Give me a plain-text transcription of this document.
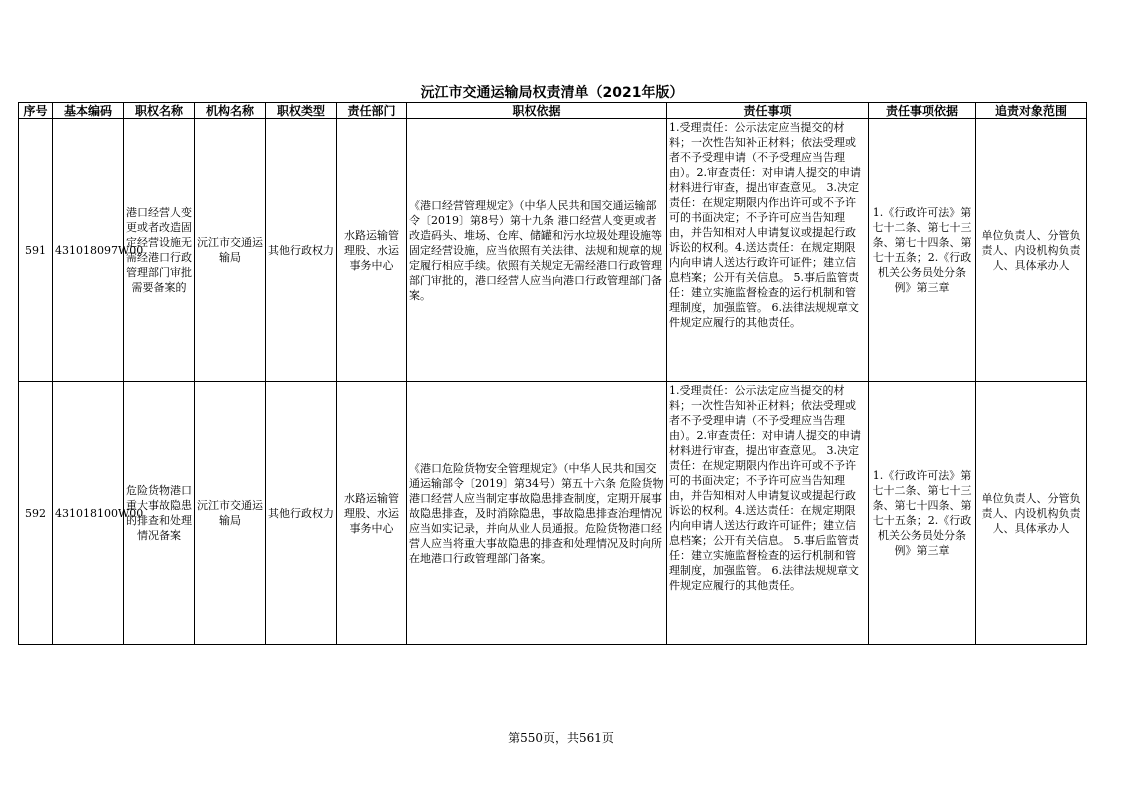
沅江市交通运输局权责清单（2021年版）
序号	基本编码	职权名称	机构名称	职权类型	责任部门	职权依据	责任事项	责任事项依据	追责对象范围
591	431018097W00	港口经营人变更或者改造固定经营设施无需经港口行政管理部门审批需要备案的	沅江市交通运输局	其他行政权力	水路运输管理股、水运事务中心	《港口经营管理规定》（中华人民共和国交通运输部令〔2019〕第8号）第十九条 港口经营人变更或者改造码头、堆场、仓库、储罐和污水垃圾处理设施等固定经营设施，应当依照有关法律、法规和规章的规定履行相应手续。依照有关规定无需经港口行政管理部门审批的，港口经营人应当向港口行政管理部门备案。	1.受理责任：公示法定应当提交的材料；一次性告知补正材料；依法受理或者不予受理申请（不予受理应当告理由）。2.审查责任：对申请人提交的申请材料进行审查，提出审查意见。 3.决定责任：在规定期限内作出许可或不予许可的书面决定；不予许可应当告知理由，并告知相对人申请复议或提起行政诉讼的权利。4.送达责任：在规定期限内向申请人送达行政许可证件；建立信息档案；公开有关信息。 5.事后监管责任：建立实施监督检查的运行机制和管理制度，加强监管。 6.法律法规规章文件规定应履行的其他责任。	1.《行政许可法》第七十二条、第七十三条、第七十四条、第七十五条；2.《行政机关公务员处分条例》第三章	单位负责人、分管负责人、内设机构负责人、具体承办人
592	431018100W00	危险货物港口重大事故隐患的排查和处理情况备案	沅江市交通运输局	其他行政权力	水路运输管理股、水运事务中心	《港口危险货物安全管理规定》（中华人民共和国交通运输部令〔2019〕第34号）第五十六条 危险货物港口经营人应当制定事故隐患排查制度，定期开展事故隐患排查，及时消除隐患，事故隐患排查治理情况应当如实记录，并向从业人员通报。危险货物港口经营人应当将重大事故隐患的排查和处理情况及时向所在地港口行政管理部门备案。	1.受理责任：公示法定应当提交的材料；一次性告知补正材料；依法受理或者不予受理申请（不予受理应当告理由）。2.审查责任：对申请人提交的申请材料进行审查，提出审查意见。 3.决定责任：在规定期限内作出许可或不予许可的书面决定；不予许可应当告知理由，并告知相对人申请复议或提起行政诉讼的权利。4.送达责任：在规定期限内向申请人送达行政许可证件；建立信息档案；公开有关信息。 5.事后监管责任：建立实施监督检查的运行机制和管理制度，加强监管。 6.法律法规规章文件规定应履行的其他责任。	1.《行政许可法》第七十二条、第七十三条、第七十四条、第七十五条；2.《行政机关公务员处分条例》第三章	单位负责人、分管负责人、内设机构负责人、具体承办人
第550页，共561页
